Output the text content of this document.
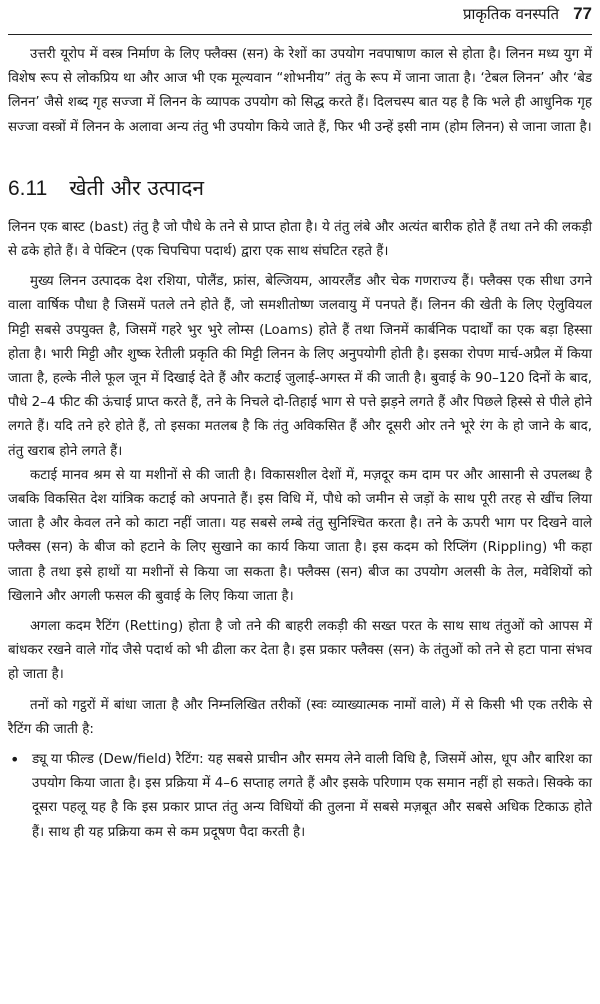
प्राकृतिक वनस्पति 77

उत्तरी यूरोप में वस्त्र निर्माण के लिए फ्लैक्स (सन) के रेशों का उपयोग नवपाषाण काल से होता है। लिनन मध्य युग में विशेष रूप से लोकप्रिय था और आज भी एक मूल्यवान “शोभनीय” तंतु के रूप में जाना जाता है। ‘टेबल लिनन’ और ‘बेड लिनन’ जैसे शब्द गृह सज्जा में लिनन के व्यापक उपयोग को सिद्ध करते हैं। दिलचस्प बात यह है कि भले ही आधुनिक गृह सज्जा वस्त्रों में लिनन के अलावा अन्य तंतु भी उपयोग किये जाते हैं, फिर भी उन्हें इसी नाम (होम लिनन) से जाना जाता है।

6.11 खेती और उत्पादन

लिनन एक बास्ट (bast) तंतु है जो पौधे के तने से प्राप्त होता है। ये तंतु लंबे और अत्यंत बारीक होते हैं तथा तने की लकड़ी से ढके होते हैं। वे पेक्टिन (एक चिपचिपा पदार्थ) द्वारा एक साथ संघटित रहते हैं।

मुख्य लिनन उत्पादक देश रशिया, पोलैंड, फ्रांस, बेल्जियम, आयरलैंड और चेक गणराज्य हैं। फ्लैक्स एक सीधा उगने वाला वार्षिक पौधा है जिसमें पतले तने होते हैं, जो समशीतोष्ण जलवायु में पनपते हैं। लिनन की खेती के लिए ऐलुवियल मिट्टी सबसे उपयुक्त है, जिसमें गहरे भुर भुरे लोम्स (Loams) होते हैं तथा जिनमें कार्बनिक पदार्थों का एक बड़ा हिस्सा होता है। भारी मिट्टी और शुष्क रेतीली प्रकृति की मिट्टी लिनन के लिए अनुपयोगी होती है। इसका रोपण मार्च-अप्रैल में किया जाता है, हल्के नीले फूल जून में दिखाई देते हैं और कटाई जुलाई-अगस्त में की जाती है। बुवाई के 90–120 दिनों के बाद, पौधे 2–4 फीट की ऊंचाई प्राप्त करते हैं, तने के निचले दो-तिहाई भाग से पत्ते झड़ने लगते हैं और पिछले हिस्से से पीले होने लगते हैं। यदि तने हरे होते हैं, तो इसका मतलब है कि तंतु अविकसित हैं और दूसरी ओर तने भूरे रंग के हो जाने के बाद, तंतु खराब होने लगते हैं।

कटाई मानव श्रम से या मशीनों से की जाती है। विकासशील देशों में, मज़दूर कम दाम पर और आसानी से उपलब्ध है जबकि विकसित देश यांत्रिक कटाई को अपनाते हैं। इस विधि में, पौधे को जमीन से जड़ों के साथ पूरी तरह से खींच लिया जाता है और केवल तने को काटा नहीं जाता। यह सबसे लम्बे तंतु सुनिश्चित करता है। तने के ऊपरी भाग पर दिखने वाले फ्लैक्स (सन) के बीज को हटाने के लिए सुखाने का कार्य किया जाता है। इस कदम को रिप्लिंग (Rippling) भी कहा जाता है तथा इसे हाथों या मशीनों से किया जा सकता है। फ्लैक्स (सन) बीज का उपयोग अलसी के तेल, मवेशियों को खिलाने और अगली फसल की बुवाई के लिए किया जाता है।

अगला कदम रैटिंग (Retting) होता है जो तने की बाहरी लकड़ी की सख्त परत के साथ साथ तंतुओं को आपस में बांधकर रखने वाले गोंद जैसे पदार्थ को भी ढीला कर देता है। इस प्रकार फ्लैक्स (सन) के तंतुओं को तने से हटा पाना संभव हो जाता है।

तनों को गट्ठरों में बांधा जाता है और निम्नलिखित तरीकों (स्वः व्याख्यात्मक नामों वाले) में से किसी भी एक तरीके से रैटिंग की जाती है:

• ड्यू या फील्ड (Dew/field) रैटिंग: यह सबसे प्राचीन और समय लेने वाली विधि है, जिसमें ओस, धूप और बारिश का उपयोग किया जाता है। इस प्रक्रिया में 4–6 सप्ताह लगते हैं और इसके परिणाम एक समान नहीं हो सकते। सिक्के का दूसरा पहलू यह है कि इस प्रकार प्राप्त तंतु अन्य विधियों की तुलना में सबसे मज़बूत और सबसे अधिक टिकाऊ होते हैं। साथ ही यह प्रक्रिया कम से कम प्रदूषण पैदा करती है।
